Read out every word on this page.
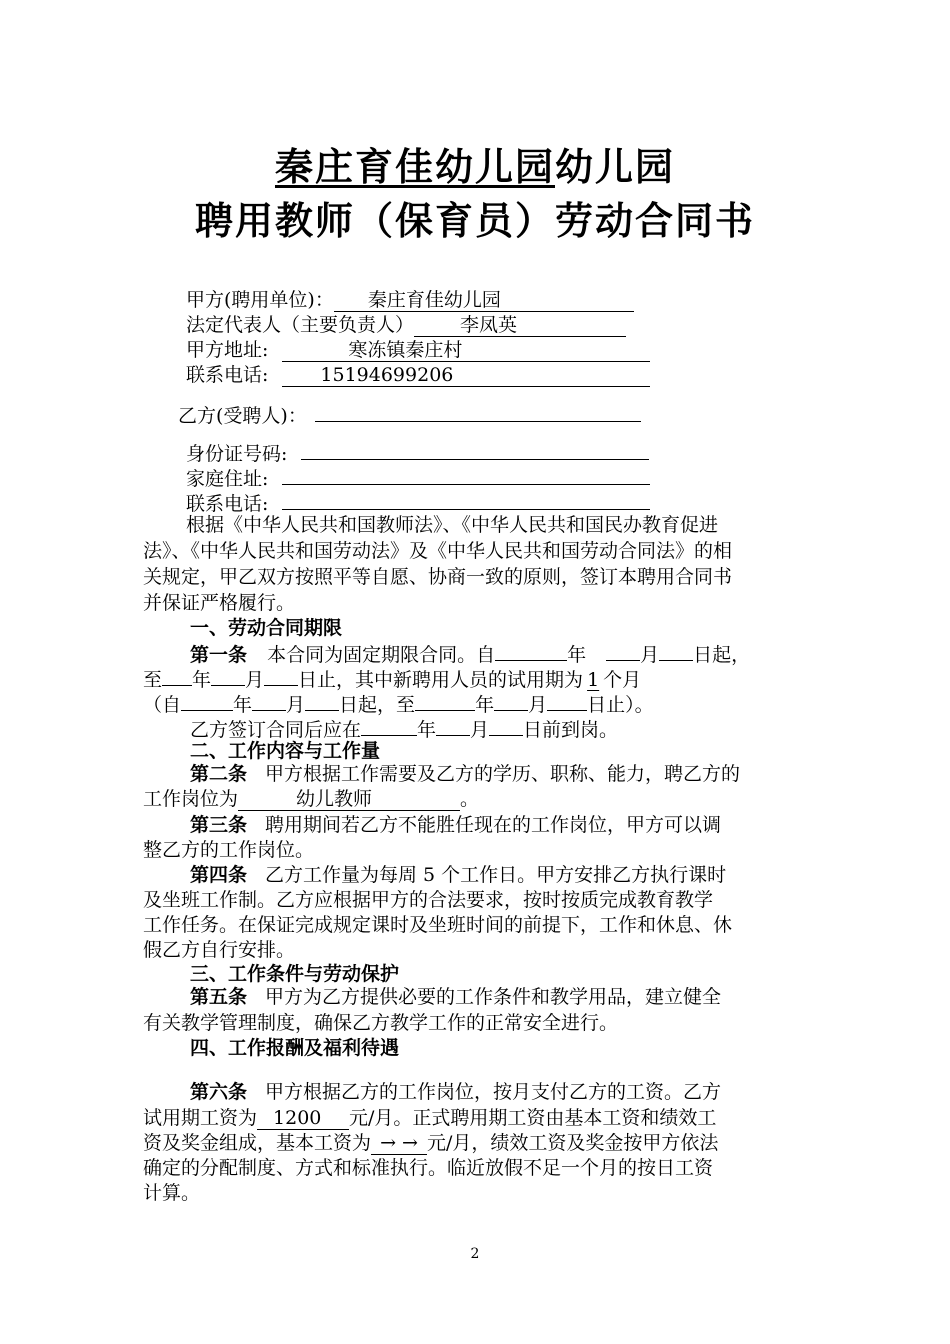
秦庄育佳幼儿园幼儿园
聘用教师（保育员）劳动合同书
甲方(聘用单位)： 秦庄育佳幼儿园
法定代表人（主要负责人） 李凤英
甲方地址:	寒冻镇秦庄村
联系电话:	15194699206
乙方(受聘人)：
身份证号码:
家庭住址:
联系电话:
根据《中华人民共和国教师法》、《中华人民共和国民办教育促进
法》、《中华人民共和国劳动法》及《中华人民共和国劳动合同法》的相
关规定，甲乙双方按照平等自愿、协商一致的原则，签订本聘用合同书
并保证严格履行。
一、劳动合同期限
第一条 本合同为固定期限合同。自	年	月 日起，
至 年 月 日止，其中新聘用人员的试用期为 1 个月
（自	年 月 日起，至	年 月 日止）。
乙方签订合同后应在	年 月 日前到岗。
二、工作内容与工作量
第二条 甲方根据工作需要及乙方的学历、职称、能力，聘乙方的
工作岗位为	幼儿教师	。
第三条 聘用期间若乙方不能胜任现在的工作岗位，甲方可以调
整乙方的工作岗位。
第四条 乙方工作量为每周 5 个工作日。甲方安排乙方执行课时
及坐班工作制。乙方应根据甲方的合法要求，按时按质完成教育教学
工作任务。在保证完成规定课时及坐班时间的前提下，工作和休息、休
假乙方自行安排。
三、工作条件与劳动保护
第五条 甲方为乙方提供必要的工作条件和教学用品，建立健全
有关教学管理制度，确保乙方教学工作的正常安全进行。
四、工作报酬及福利待遇
第六条 甲方根据乙方的工作岗位，按月支付乙方的工资。乙方
试用期工资为 1200 元/月。正式聘用期工资由基本工资和绩效工
资及奖金组成，基本工资为 → → 元/月，绩效工资及奖金按甲方依法
确定的分配制度、方式和标准执行。临近放假不足一个月的按日工资
计算。
2
